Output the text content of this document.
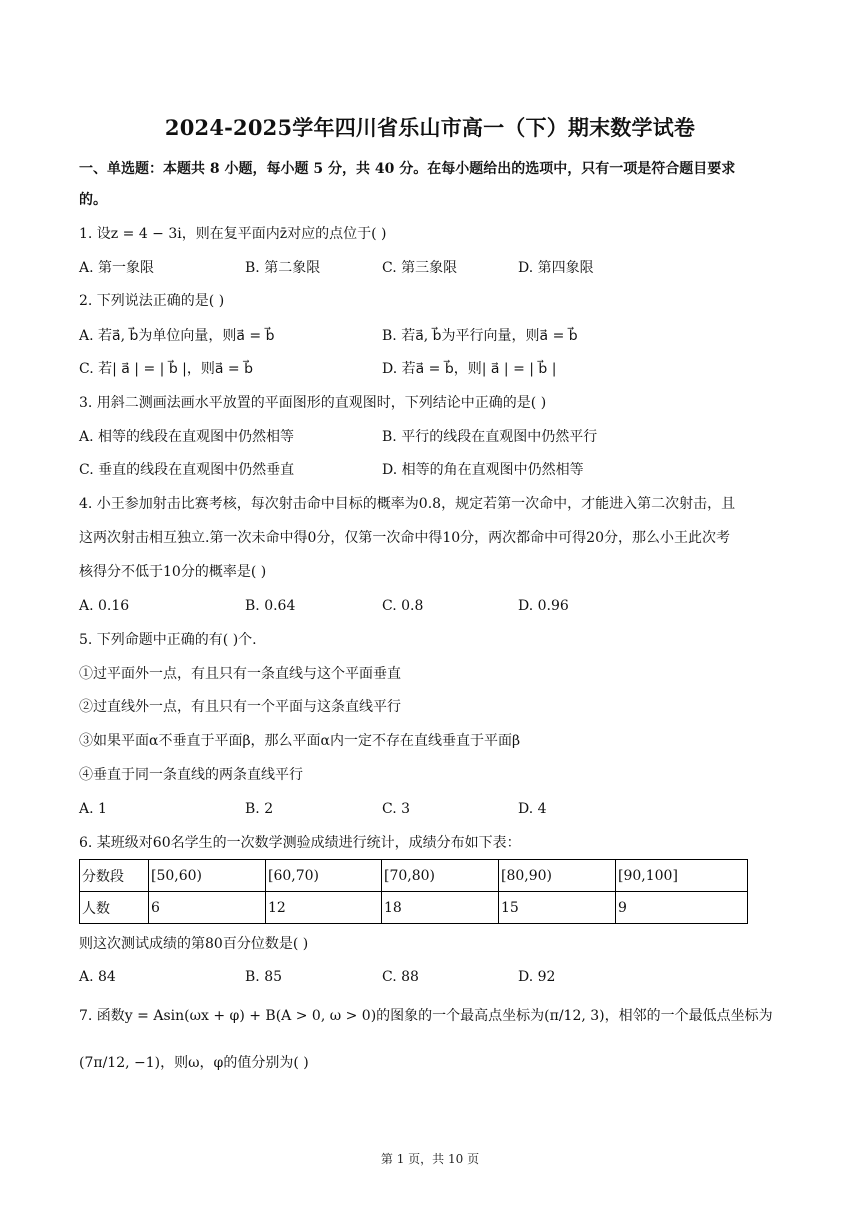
2024-2025学年四川省乐山市高一（下）期末数学试卷
一、单选题：本题共 8 小题，每小题 5 分，共 40 分。在每小题给出的选项中，只有一项是符合题目要求
的。
1. 设z = 4 − 3i，则在复平面内z̄对应的点位于( )
A. 第一象限	B. 第二象限	C. 第三象限	D. 第四象限
2. 下列说法正确的是( )
A. 若a⃗, b⃗为单位向量，则a⃗ = b⃗	B. 若a⃗, b⃗为平行向量，则a⃗ = b⃗
C. 若| a⃗ | = | b⃗ |，则a⃗ = b⃗	D. 若a⃗ = b⃗，则| a⃗ | = | b⃗ |
3. 用斜二测画法画水平放置的平面图形的直观图时，下列结论中正确的是( )
A. 相等的线段在直观图中仍然相等	B. 平行的线段在直观图中仍然平行
C. 垂直的线段在直观图中仍然垂直	D. 相等的角在直观图中仍然相等
4. 小王参加射击比赛考核，每次射击命中目标的概率为0.8，规定若第一次命中，才能进入第二次射击，且
这两次射击相互独立.第一次未命中得0分，仅第一次命中得10分，两次都命中可得20分，那么小王此次考
核得分不低于10分的概率是( )
A. 0.16	B. 0.64	C. 0.8	D. 0.96
5. 下列命题中正确的有( )个.
①过平面外一点，有且只有一条直线与这个平面垂直
②过直线外一点，有且只有一个平面与这条直线平行
③如果平面α不垂直于平面β，那么平面α内一定不存在直线垂直于平面β
④垂直于同一条直线的两条直线平行
A. 1	B. 2	C. 3	D. 4
6. 某班级对60名学生的一次数学测验成绩进行统计，成绩分布如下表：
分数段	[50,60)	[60,70)	[70,80)	[80,90)	[90,100]
人数	6	12	18	15	9
则这次测试成绩的第80百分位数是( )
A. 84	B. 85	C. 88	D. 92
7. 函数y = Asin(ωx + φ) + B(A > 0, ω > 0)的图象的一个最高点坐标为(π/12, 3)，相邻的一个最低点坐标为
(7π/12, −1)，则ω，φ的值分别为( )
第 1 页，共 10 页
